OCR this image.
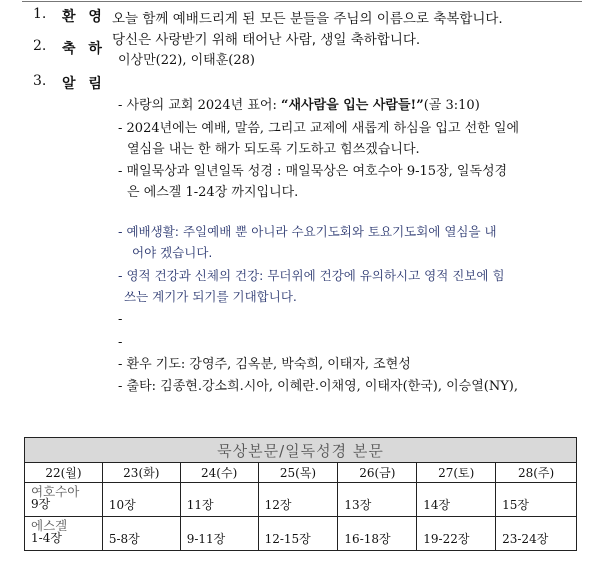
1. 환 영 오늘 함께 예배드리게 된 모든 분들을 주님의 이름으로 축복합니다.
2. 축 하
당신은 사랑받기 위해 태어난 사람, 생일 축하합니다.
이상만(22), 이태훈(28)
3. 알 림
- 사랑의 교회 2024년 표어: “새사람을 입는 사람들!”(골 3:10)
- 2024년에는 예배, 말씀, 그리고 교제에 새롭게 하심을 입고 선한 일에
열심을 내는 한 해가 되도록 기도하고 힘쓰겠습니다.
- 매일묵상과 일년일독 성경 : 매일묵상은 여호수아 9-15장, 일독성경
은 에스겔 1-24장 까지입니다.
- 예배생활: 주일예배 뿐 아니라 수요기도회와 토요기도회에 열심을 내
어야 겠습니다.
- 영적 건강과 신체의 건강: 무더위에 건강에 유의하시고 영적 진보에 힘
쓰는 계기가 되기를 기대합니다.
-
-
- 환우 기도: 강영주, 김옥분, 박숙희, 이태자, 조현성
- 출타: 김종현.강소희.시아, 이혜란.이채영, 이태자(한국), 이승열(NY),
묵상본문/일독성경 본문						
22(월)	23(화)	24(수)	25(목)	26(금)	27(토)	28(주)

여호수아
9장	10장	11장	12장	13장	14장	15장

에스겔
1-4장	5-8장	9-11장	12-15장	16-18장	19-22장	23-24장
